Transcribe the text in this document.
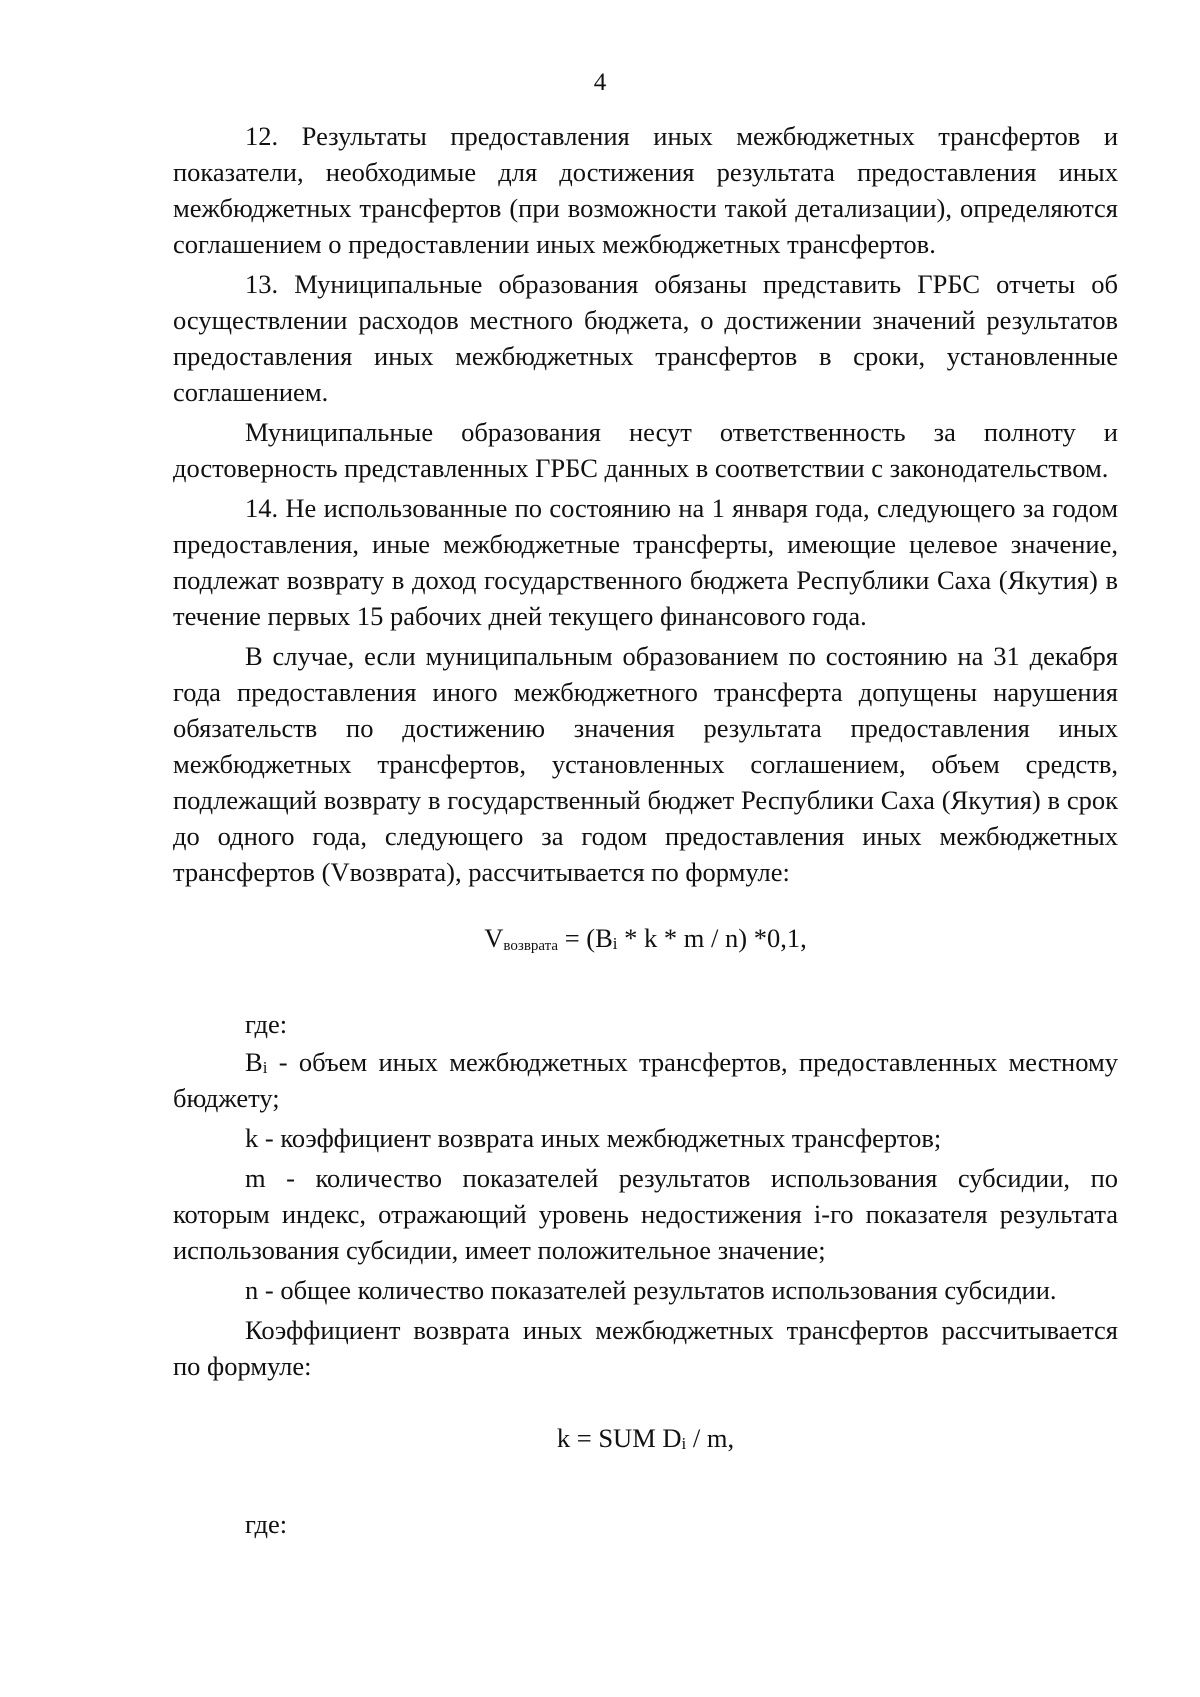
4

12. Результаты предоставления иных межбюджетных трансфертов и показатели, необходимые для достижения результата предоставления иных межбюджетных трансфертов (при возможности такой детализации), определяются соглашением о предоставлении иных межбюджетных трансфертов.

13. Муниципальные образования обязаны представить ГРБС отчеты об осуществлении расходов местного бюджета, о достижении значений результатов предоставления иных межбюджетных трансфертов в сроки, установленные соглашением.

Муниципальные образования несут ответственность за полноту и достоверность представленных ГРБС данных в соответствии с законодательством.

14. Не использованные по состоянию на 1 января года, следующего за годом предоставления, иные межбюджетные трансферты, имеющие целевое значение, подлежат возврату в доход государственного бюджета Республики Саха (Якутия) в течение первых 15 рабочих дней текущего финансового года.

В случае, если муниципальным образованием по состоянию на 31 декабря года предоставления иного межбюджетного трансферта допущены нарушения обязательств по достижению значения результата предоставления иных межбюджетных трансфертов, установленных соглашением, объем средств, подлежащий возврату в государственный бюджет Республики Саха (Якутия) в срок до одного года, следующего за годом предоставления иных межбюджетных трансфертов (Vвозврата), рассчитывается по формуле:

$V_{возврата} = (Bi * k * m / n)$ *0,1,

где:

Bi - объем иных межбюджетных трансфертов, предоставленных местному бюджету;

k - коэффициент возврата иных межбюджетных трансфертов;

m - количество показателей результатов использования субсидии, по которым индекс, отражающий уровень недостижения i-го показателя результата использования субсидии, имеет положительное значение;

n - общее количество показателей результатов использования субсидии.

Коэффициент возврата иных межбюджетных трансфертов рассчитывается по формуле:

k = SUM Di / m,

где:
